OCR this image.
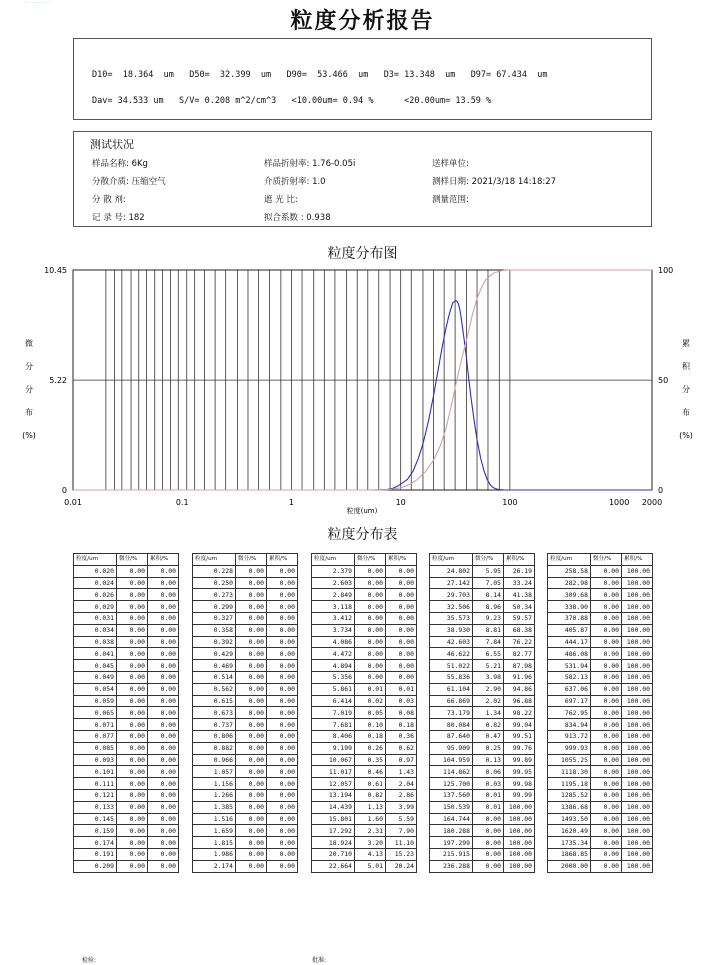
··· ···· ·· ··
粒度分析报告
D10=  18.364  um   D50=  32.399  um   D90=  53.466  um   D3= 13.348  um   D97= 67.434  um
Dav= 34.533 um   S/V= 0.208 m^2/cm^3   <10.00um= 0.94 %      <20.00um= 13.59 %
测试状况
样品名称: 6Kg	样品折射率: 1.76-0.05i	送样单位:
分散介质: 压缩空气	介质折射率: 1.0	测样日期: 2021/3/18 14:18:27
分 散 剂:	遮 光 比:	测量范围:
记 录 号: 182	拟合系数 : 0.938
粒度分布图
0.01	0.1	1	10	100	1000 2000
0
5.22
10.45
0
50
100
微
分
分
布
(%)
累
积
分
布
(%)
粒度(um)
粒度分布表
粒度/um	微分/%	累积/%
0.020	0.00	0.00
0.024	0.00	0.00
0.026	0.00	0.00
0.029	0.00	0.00
0.031	0.00	0.00
0.034	0.00	0.00
0.038	0.00	0.00
0.041	0.00	0.00
0.045	0.00	0.00
0.049	0.00	0.00
0.054	0.00	0.00
0.059	0.00	0.00
0.065	0.00	0.00
0.071	0.00	0.00
0.077	0.00	0.00
0.085	0.00	0.00
0.093	0.00	0.00
0.101	0.00	0.00
0.111	0.00	0.00
0.121	0.00	0.00
0.133	0.00	0.00
0.145	0.00	0.00
0.159	0.00	0.00
0.174	0.00	0.00
0.191	0.00	0.00
0.209	0.00	0.00
粒度/um	微分/%	累积/%
0.228	0.00	0.00
0.250	0.00	0.00
0.273	0.00	0.00
0.299	0.00	0.00
0.327	0.00	0.00
0.358	0.00	0.00
0.392	0.00	0.00
0.429	0.00	0.00
0.469	0.00	0.00
0.514	0.00	0.00
0.562	0.00	0.00
0.615	0.00	0.00
0.673	0.00	0.00
0.737	0.00	0.00
0.806	0.00	0.00
0.882	0.00	0.00
0.966	0.00	0.00
1.057	0.00	0.00
1.156	0.00	0.00
1.266	0.00	0.00
1.385	0.00	0.00
1.516	0.00	0.00
1.659	0.00	0.00
1.815	0.00	0.00
1.986	0.00	0.00
2.174	0.00	0.00
粒度/um	微分/%	累积/%
2.379	0.00	0.00
2.603	0.00	0.00
2.849	0.00	0.00
3.118	0.00	0.00
3.412	0.00	0.00
3.734	0.00	0.00
4.086	0.00	0.00
4.472	0.00	0.00
4.894	0.00	0.00
5.356	0.00	0.00
5.861	0.01	0.01
6.414	0.02	0.03
7.019	0.05	0.08
7.681	0.10	0.18
8.406	0.18	0.36
9.199	0.26	0.62
10.067	0.35	0.97
11.017	0.46	1.43
12.057	0.61	2.04
13.194	0.82	2.86
14.439	1.13	3.99
15.801	1.60	5.59
17.292	2.31	7.90
18.924	3.20	11.10
20.710	4.13	15.23
22.664	5.01	20.24
粒度/um	微分/%	累积/%
24.802	5.95	26.19
27.142	7.05	33.24
29.703	8.14	41.38
32.506	8.96	50.34
35.573	9.23	59.57
38.930	8.81	68.38
42.603	7.84	76.22
46.622	6.55	82.77
51.022	5.21	87.98
55.836	3.98	91.96
61.104	2.90	94.86
66.869	2.02	96.88
73.179	1.34	98.22
80.084	0.82	99.04
87.640	0.47	99.51
95.909	0.25	99.76
104.959	0.13	99.89
114.862	0.06	99.95
125.700	0.03	99.98
137.560	0.01	99.99
150.539	0.01	100.00
164.744	0.00	100.00
180.288	0.00	100.00
197.299	0.00	100.00
215.915	0.00	100.00
236.288	0.00	100.00
粒度/um	微分/%	累积/%
258.58	0.00	100.00
282.98	0.00	100.00
309.68	0.00	100.00
338.90	0.00	100.00
370.88	0.00	100.00
405.87	0.00	100.00
444.17	0.00	100.00
486.08	0.00	100.00
531.94	0.00	100.00
582.13	0.00	100.00
637.06	0.00	100.00
697.17	0.00	100.00
762.95	0.00	100.00
834.94	0.00	100.00
913.72	0.00	100.00
999.93	0.00	100.00
1055.25	0.00	100.00
1118.30	0.00	100.00
1195.18	0.00	100.00
1285.52	0.00	100.00
1386.68	0.00	100.00
1493.50	0.00	100.00
1620.49	0.00	100.00
1735.34	0.00	100.00
1868.85	0.00	100.00
2000.00	0.00	100.00
检验:	批准:
